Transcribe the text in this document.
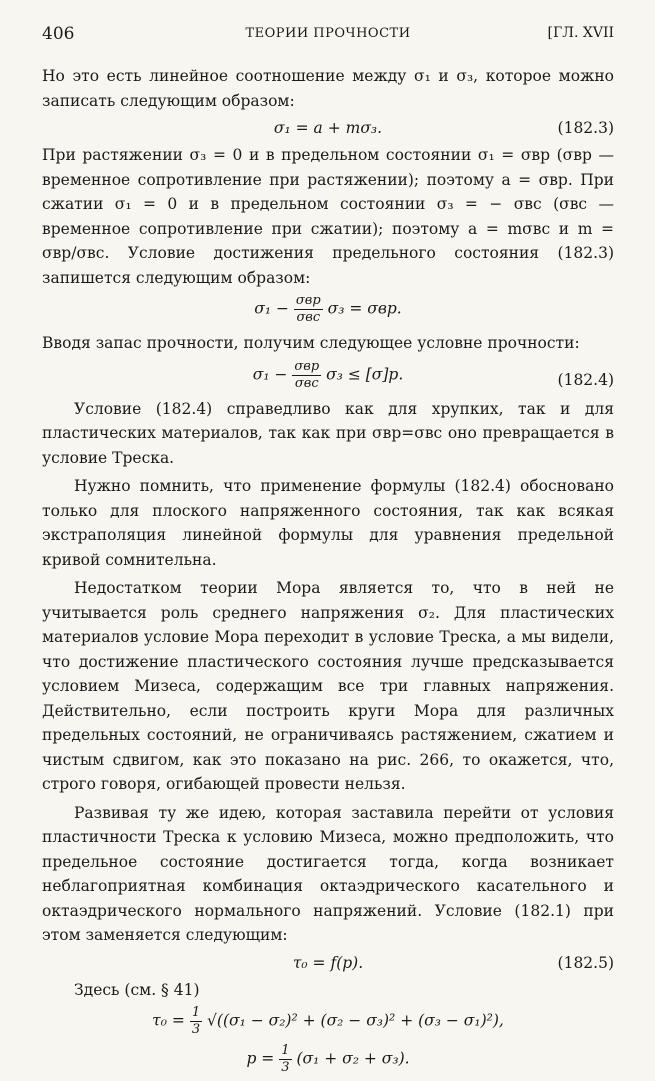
406	ТЕОРИИ ПРОЧНОСТИ	[ГЛ. XVII

Но это есть линейное соотношение между σ₁ и σ₃, которое можно записать следующим образом:

σ₁ = a + mσ₃.	(182.3)

При растяжении σ₃ = 0 и в предельном состоянии σ₁ = σвр (σвр — временное сопротивление при растяжении); поэтому a = σвр. При сжатии σ₁ = 0 и в предельном состоянии σ₃ = − σвс (σвс — временное сопротивление при сжатии); поэтому a = mσвс и m = σвр/σвс. Условие достижения предельного состояния (182.3) запишется следующим образом:

$\sigma_1 - \frac{\text{σвр}}{\text{σвс}} \sigma_3 = \sigma вр$.

Вводя запас прочности, получим следующее условне прочности:

$\sigma_1 - \frac{\text{σвр}}{\text{σвс}} \sigma_3 \le [\sigma]р$.	(182.4)

Условие (182.4) справедливо как для хрупких, так и для пластических материалов, так как при σвр=σвс оно превращается в условие Треска.

Нужно помнить, что применение формулы (182.4) обосновано только для плоского напряженного состояния, так как всякая экстраполяция линейной формулы для уравнения предельной кривой сомнительна.

Недостатком теории Мора является то, что в ней не учитывается роль среднего напряжения σ₂. Для пластических материалов условие Мора переходит в условие Треска, а мы видели, что достижение пластического состояния лучше предсказывается условием Мизеса, содержащим все три главных напряжения. Действительно, если построить круги Мора для различных предельных состояний, не ограничиваясь растяжением, сжатием и чистым сдвигом, как это показано на рис. 266, то окажется, что, строго говоря, огибающей провести нельзя.

Развивая ту же идею, которая заставила перейти от условия пластичности Треска к условию Мизеса, можно предположить, что предельное состояние достигается тогда, когда возникает неблагоприятная комбинация октаэдрического касательного и октаэдрического нормального напряжений. Условие (182.1) при этом заменяется следующим:

τ₀ = f(p).	(182.5)

Здесь (см. § 41)

$\tau_0 = \frac{1}{3} √((\sigma_1 - \sigma_2)^2 + (\sigma_2 - \sigma_3)^2 + (\sigma_3 - \sigma_1)^2)$,
$p = \frac{1}{3} (\sigma_1 + \sigma_2 + \sigma_3)$.
